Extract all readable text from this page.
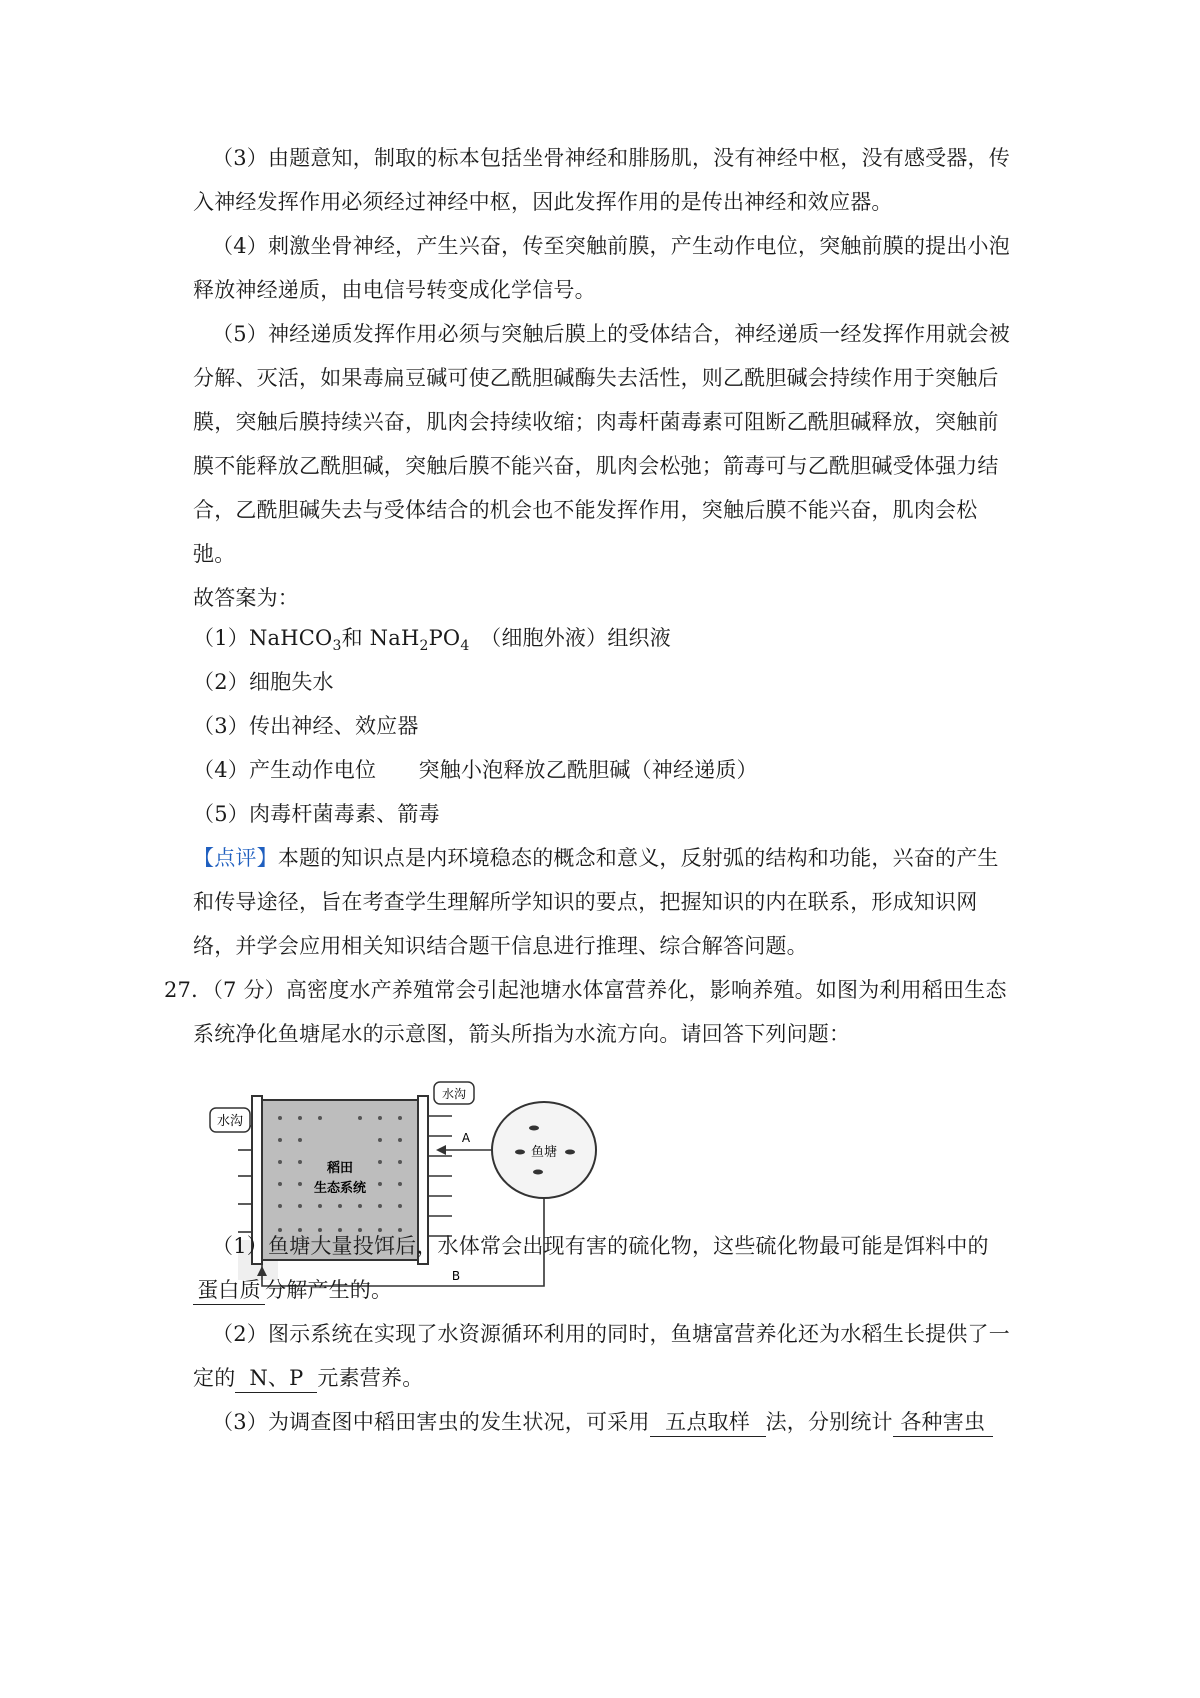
（3）由题意知，制取的标本包括坐骨神经和腓肠肌，没有神经中枢，没有感受器，传
入神经发挥作用必须经过神经中枢，因此发挥作用的是传出神经和效应器。
（4）刺激坐骨神经，产生兴奋，传至突触前膜，产生动作电位，突触前膜的提出小泡
释放神经递质，由电信号转变成化学信号。
（5）神经递质发挥作用必须与突触后膜上的受体结合，神经递质一经发挥作用就会被
分解、灭活，如果毒扁豆碱可使乙酰胆碱酶失去活性，则乙酰胆碱会持续作用于突触后
膜，突触后膜持续兴奋，肌肉会持续收缩；肉毒杆菌毒素可阻断乙酰胆碱释放，突触前
膜不能释放乙酰胆碱，突触后膜不能兴奋，肌肉会松弛；箭毒可与乙酰胆碱受体强力结
合，乙酰胆碱失去与受体结合的机会也不能发挥作用，突触后膜不能兴奋，肌肉会松
弛。
故答案为：
（1）NaHCO$_3$和 $NaH_2PO_4$　（细胞外液）组织液
（2）细胞失水
（3）传出神经、效应器
（4）产生动作电位　　突触小泡释放乙酰胆碱（神经递质）
（5）肉毒杆菌毒素、箭毒
【点评】本题的知识点是内环境稳态的概念和意义，反射弧的结构和功能，兴奋的产生
和传导途径，旨在考查学生理解所学知识的要点，把握知识的内在联系，形成知识网
络，并学会应用相关知识结合题干信息进行推理、综合解答问题。
27．（7 分）高密度水产养殖常会引起池塘水体富营养化，影响养殖。如图为利用稻田生态
系统净化鱼塘尾水的示意图，箭头所指为水流方向。请回答下列问题：
水沟
水沟
稻田
生态系统
鱼塘
A
B
（1）鱼塘大量投饵后，水体常会出现有害的硫化物，这些硫化物最可能是饵料中的
蛋白质 分解产生的。
（2）图示系统在实现了水资源循环利用的同时，鱼塘富营养化还为水稻生长提供了一
定的 N、P 元素营养。
（3）为调查图中稻田害虫的发生状况，可采用 五点取样 法，分别统计 各种害虫
